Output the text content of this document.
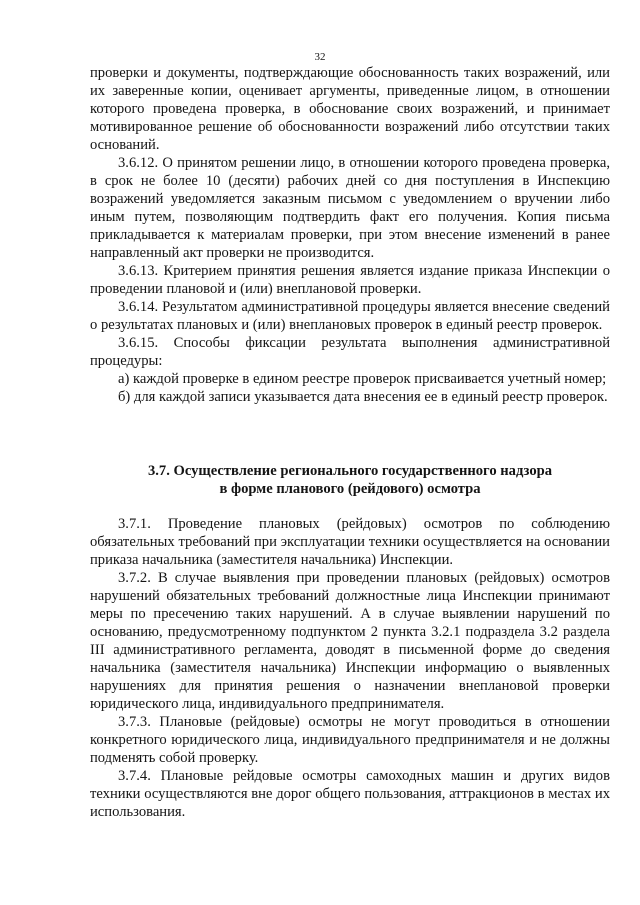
32

проверки и документы, подтверждающие обоснованность таких возражений, или их заверенные копии, оценивает аргументы, приведенные лицом, в отношении которого проведена проверка, в обоснование своих возражений, и принимает мотивированное решение об обоснованности возражений либо отсутствии таких оснований.

3.6.12. О принятом решении лицо, в отношении которого проведена проверка, в срок не более 10 (десяти) рабочих дней со дня поступления в Инспекцию возражений уведомляется заказным письмом с уведомлением о вручении либо иным путем, позволяющим подтвердить факт его получения. Копия письма прикладывается к материалам проверки, при этом внесение изменений в ранее направленный акт проверки не производится.

3.6.13. Критерием принятия решения является издание приказа Инспекции о проведении плановой и (или) внеплановой проверки.

3.6.14. Результатом административной процедуры является внесение сведений о результатах плановых и (или) внеплановых проверок в единый реестр проверок.

3.6.15. Способы фиксации результата выполнения административной процедуры:

а) каждой проверке в едином реестре проверок присваивается учетный номер;

б) для каждой записи указывается дата внесения ее в единый реестр проверок.

3.7. Осуществление регионального государственного надзора

в форме планового (рейдового) осмотра

3.7.1. Проведение плановых (рейдовых) осмотров по соблюдению обязательных требований при эксплуатации техники осуществляется на основании приказа начальника (заместителя начальника) Инспекции.

3.7.2. В случае выявления при проведении плановых (рейдовых) осмотров нарушений обязательных требований должностные лица Инспекции принимают меры по пресечению таких нарушений. А в случае выявлении нарушений по основанию, предусмотренному подпунктом 2 пункта 3.2.1 подраздела 3.2 раздела III административного регламента, доводят в письменной форме до сведения начальника (заместителя начальника) Инспекции информацию о выявленных нарушениях для принятия решения о назначении внеплановой проверки юридического лица, индивидуального предпринимателя.

3.7.3. Плановые (рейдовые) осмотры не могут проводиться в отношении конкретного юридического лица, индивидуального предпринимателя и не должны подменять собой проверку.

3.7.4. Плановые рейдовые осмотры самоходных машин и других видов техники осуществляются вне дорог общего пользования, аттракционов в местах их использования.
